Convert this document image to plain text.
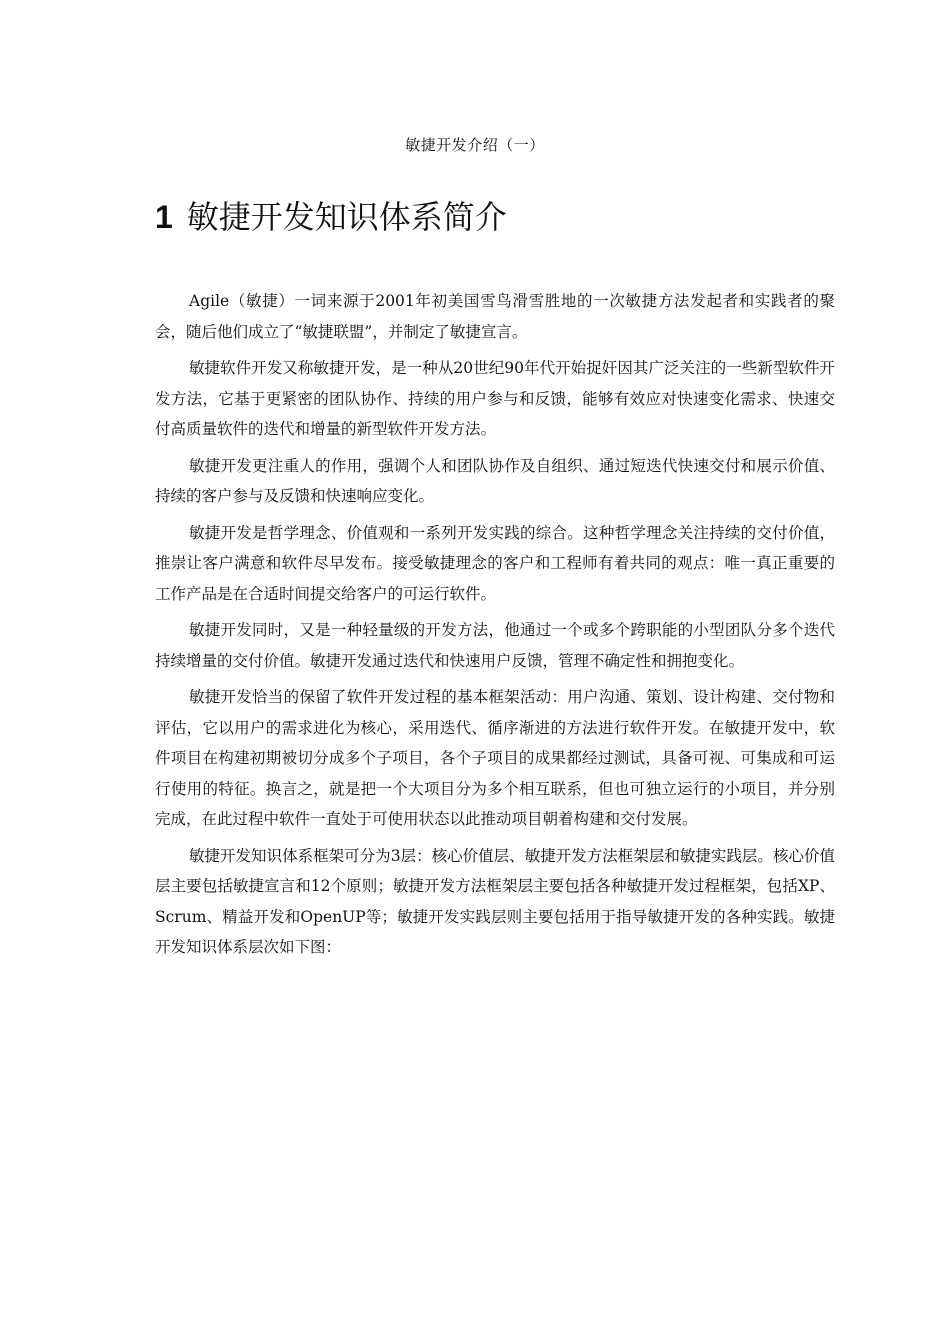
敏捷开发介绍（一）
1 敏捷开发知识体系简介

Agile（敏捷）一词来源于2001年初美国雪鸟滑雪胜地的一次敏捷方法发起者和实践者的聚会，随后他们成立了“敏捷联盟”，并制定了敏捷宣言。

敏捷软件开发又称敏捷开发，是一种从20世纪90年代开始捉奸因其广泛关注的一些新型软件开发方法，它基于更紧密的团队协作、持续的用户参与和反馈，能够有效应对快速变化需求、快速交付高质量软件的迭代和增量的新型软件开发方法。

敏捷开发更注重人的作用，强调个人和团队协作及自组织、通过短迭代快速交付和展示价值、持续的客户参与及反馈和快速响应变化。

敏捷开发是哲学理念、价值观和一系列开发实践的综合。这种哲学理念关注持续的交付价值，推崇让客户满意和软件尽早发布。接受敏捷理念的客户和工程师有着共同的观点：唯一真正重要的工作产品是在合适时间提交给客户的可运行软件。

敏捷开发同时，又是一种轻量级的开发方法，他通过一个或多个跨职能的小型团队分多个迭代持续增量的交付价值。敏捷开发通过迭代和快速用户反馈，管理不确定性和拥抱变化。

敏捷开发恰当的保留了软件开发过程的基本框架活动：用户沟通、策划、设计构建、交付物和评估，它以用户的需求进化为核心，采用迭代、循序渐进的方法进行软件开发。在敏捷开发中，软件项目在构建初期被切分成多个子项目，各个子项目的成果都经过测试，具备可视、可集成和可运行使用的特征。换言之，就是把一个大项目分为多个相互联系，但也可独立运行的小项目，并分别完成，在此过程中软件一直处于可使用状态以此推动项目朝着构建和交付发展。

敏捷开发知识体系框架可分为3层：核心价值层、敏捷开发方法框架层和敏捷实践层。核心价值层主要包括敏捷宣言和12个原则；敏捷开发方法框架层主要包括各种敏捷开发过程框架，包括XP、Scrum、精益开发和OpenUP等；敏捷开发实践层则主要包括用于指导敏捷开发的各种实践。敏捷开发知识体系层次如下图：
